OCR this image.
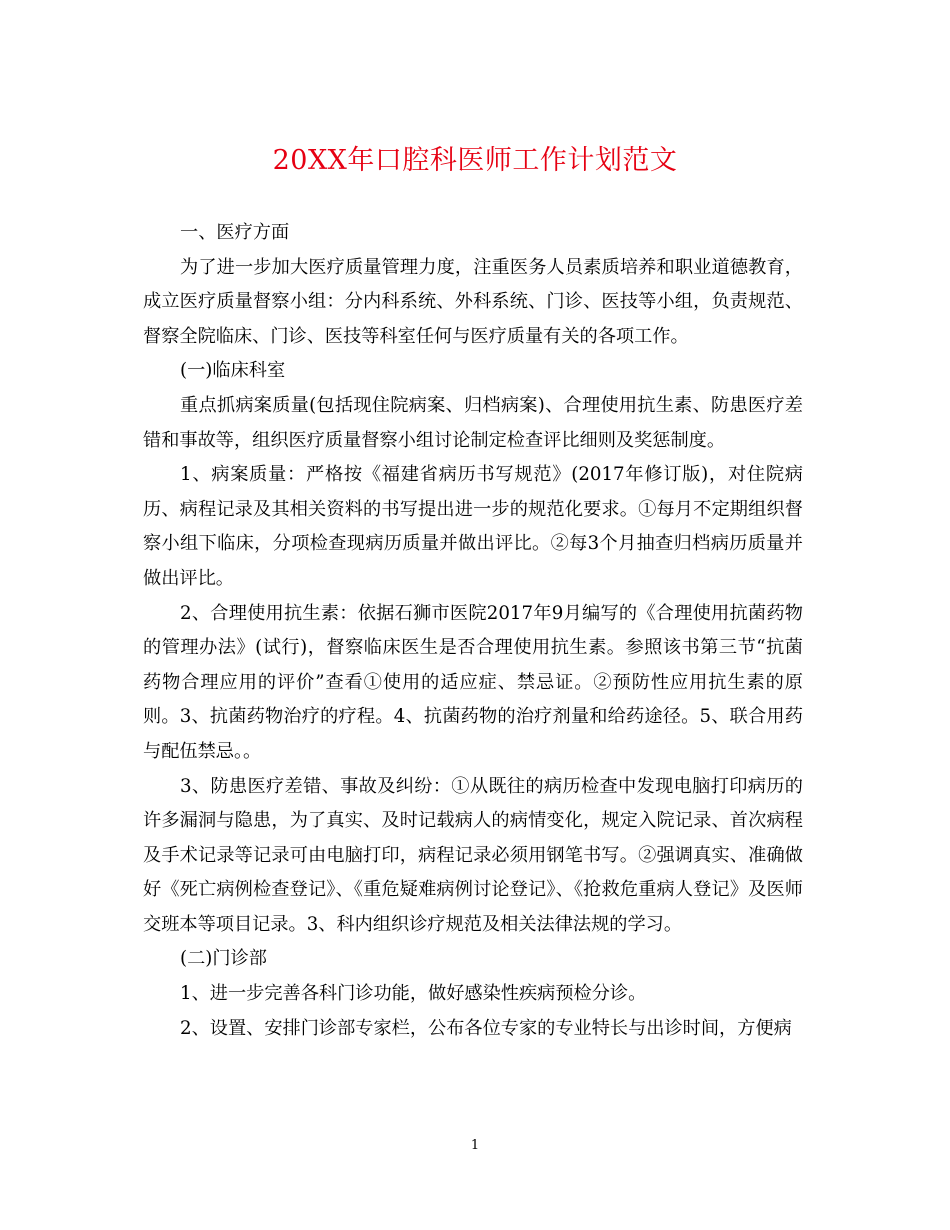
20XX年口腔科医师工作计划范文

一、医疗方面

为了进一步加大医疗质量管理力度，注重医务人员素质培养和职业道德教育，成立医疗质量督察小组：分内科系统、外科系统、门诊、医技等小组，负责规范、督察全院临床、门诊、医技等科室任何与医疗质量有关的各项工作。

(一)临床科室

重点抓病案质量(包括现住院病案、归档病案)、合理使用抗生素、防患医疗差错和事故等，组织医疗质量督察小组讨论制定检查评比细则及奖惩制度。

1、病案质量：严格按《福建省病历书写规范》(2017年修订版)，对住院病历、病程记录及其相关资料的书写提出进一步的规范化要求。①每月不定期组织督察小组下临床，分项检查现病历质量并做出评比。②每3个月抽查归档病历质量并做出评比。

2、合理使用抗生素：依据石狮市医院2017年9月编写的《合理使用抗菌药物的管理办法》(试行)，督察临床医生是否合理使用抗生素。参照该书第三节“抗菌药物合理应用的评价”查看①使用的适应症、禁忌证。②预防性应用抗生素的原则。3、抗菌药物治疗的疗程。4、抗菌药物的治疗剂量和给药途径。5、联合用药与配伍禁忌。。

3、防患医疗差错、事故及纠纷：①从既往的病历检查中发现电脑打印病历的许多漏洞与隐患，为了真实、及时记载病人的病情变化，规定入院记录、首次病程及手术记录等记录可由电脑打印，病程记录必须用钢笔书写。②强调真实、准确做好《死亡病例检查登记》、《重危疑难病例讨论登记》、《抢救危重病人登记》及医师交班本等项目记录。3、科内组织诊疗规范及相关法律法规的学习。

(二)门诊部

1、进一步完善各科门诊功能，做好感染性疾病预检分诊。

2、设置、安排门诊部专家栏，公布各位专家的专业特长与出诊时间，方便病

1
